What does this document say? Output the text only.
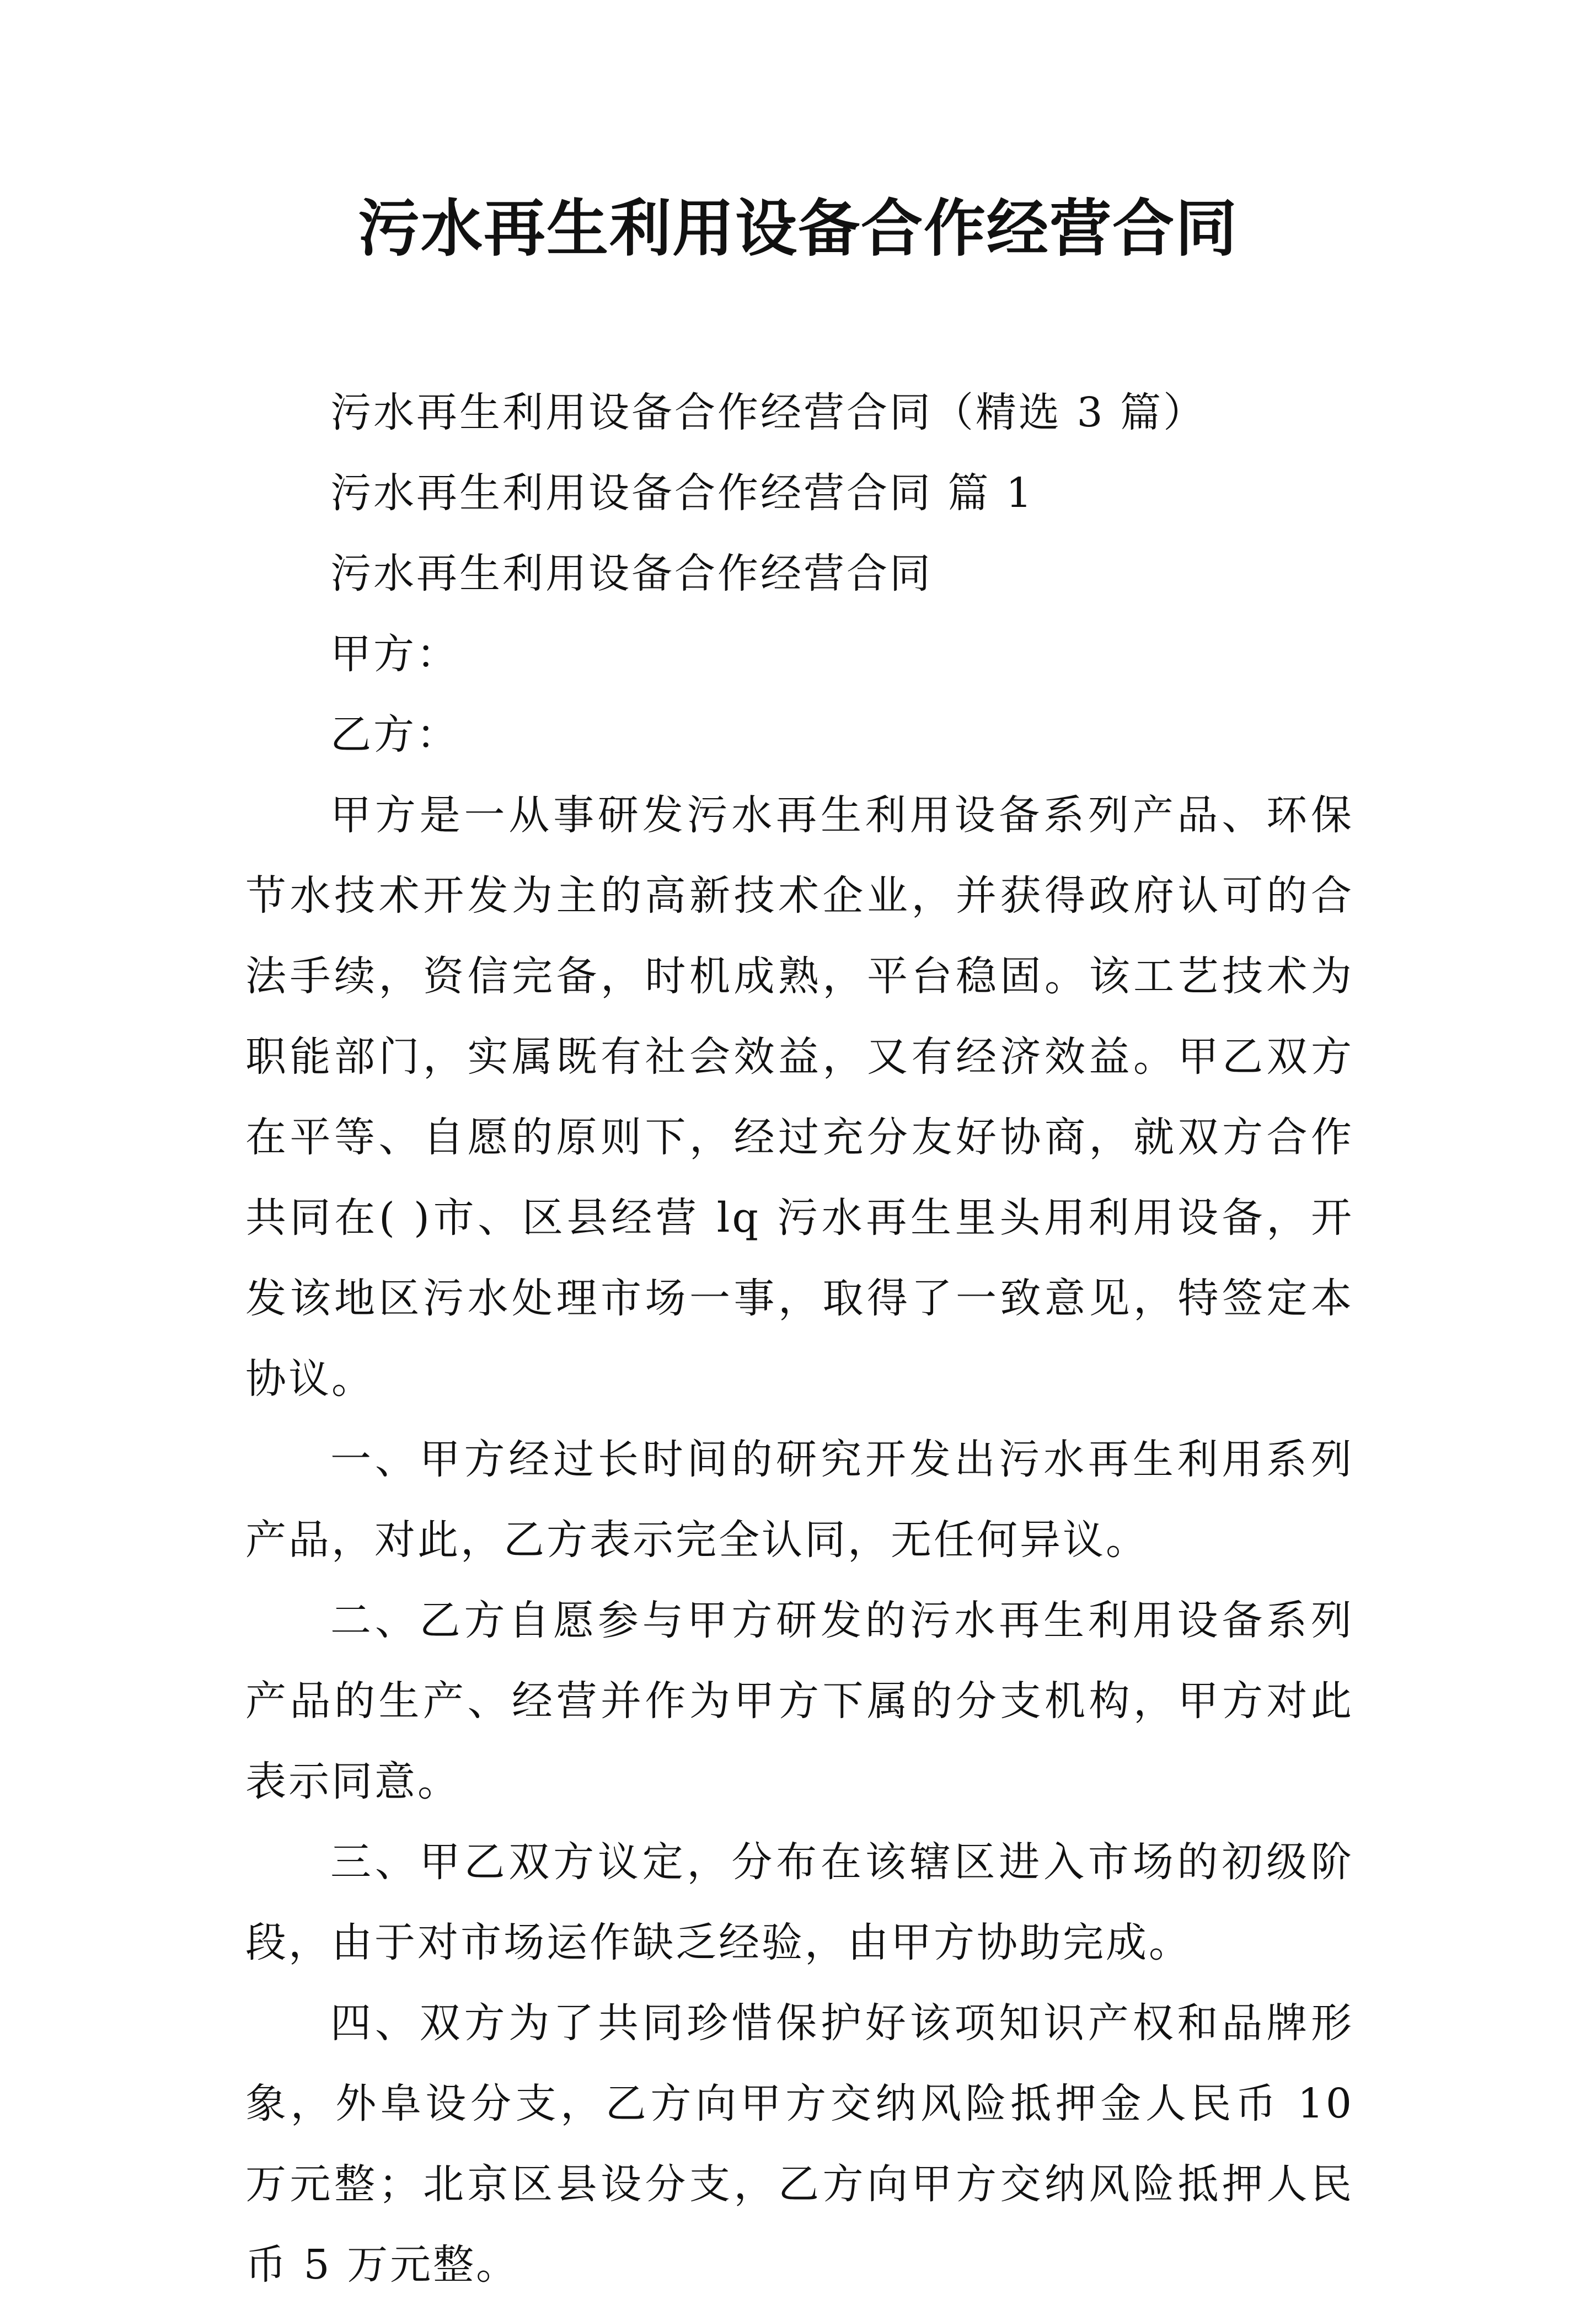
污水再生利用设备合作经营合同

污水再生利用设备合作经营合同（精选 3 篇）

污水再生利用设备合作经营合同 篇 1

污水再生利用设备合作经营合同

甲方：

乙方：

甲方是一从事研发污水再生利用设备系列产品、环保节水技术开发为主的高新技术企业，并获得政府认可的合法手续，资信完备，时机成熟，平台稳固。该工艺技术为职能部门，实属既有社会效益，又有经济效益。甲乙双方在平等、自愿的原则下，经过充分友好协商，就双方合作共同在( )市、区县经营 lq 污水再生里头用利用设备，开发该地区污水处理市场一事，取得了一致意见，特签定本协议。

一、甲方经过长时间的研究开发出污水再生利用系列产品，对此，乙方表示完全认同，无任何异议。

二、乙方自愿参与甲方研发的污水再生利用设备系列产品的生产、经营并作为甲方下属的分支机构，甲方对此表示同意。

三、甲乙双方议定，分布在该辖区进入市场的初级阶段，由于对市场运作缺乏经验，由甲方协助完成。

四、双方为了共同珍惜保护好该项知识产权和品牌形象，外阜设分支，乙方向甲方交纳风险抵押金人民币 10 万元整；北京区县设分支，乙方向甲方交纳风险抵押人民币 5 万元整。
